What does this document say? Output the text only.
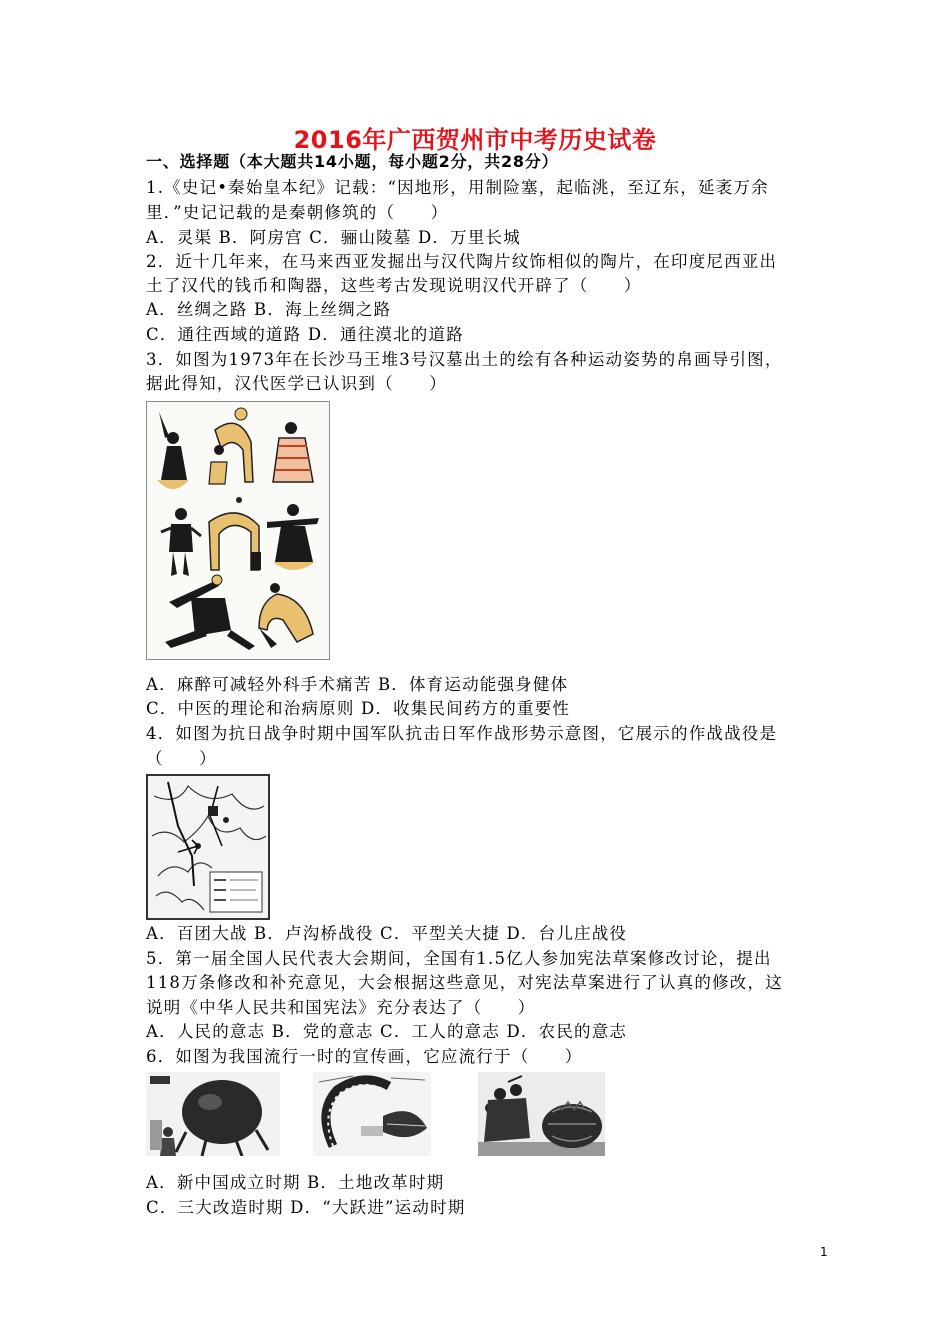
2016年广西贺州市中考历史试卷
一、选择题（本大题共14小题，每小题2分，共28分）
1.《史记•秦始皇本纪》记载：“因地形，用制险塞，起临洮，至辽东，延袤万余
里．”史记记载的是秦朝修筑的（　　）
A．灵渠 B．阿房宫 C．骊山陵墓 D．万里长城
2．近十几年来，在马来西亚发掘出与汉代陶片纹饰相似的陶片，在印度尼西亚出
土了汉代的钱币和陶器，这些考古发现说明汉代开辟了（　　）
A．丝绸之路 B．海上丝绸之路
C．通往西域的道路 D．通往漠北的道路
3．如图为1973年在长沙马王堆3号汉墓出土的绘有各种运动姿势的帛画导引图，
据此得知，汉代医学已认识到（　　）
A．麻醉可减轻外科手术痛苦 B．体育运动能强身健体
C．中医的理论和治病原则 D．收集民间药方的重要性
4．如图为抗日战争时期中国军队抗击日军作战形势示意图，它展示的作战战役是
（　　）
A．百团大战 B．卢沟桥战役 C．平型关大捷 D．台儿庄战役
5．第一届全国人民代表大会期间，全国有1.5亿人参加宪法草案修改讨论，提出
118万条修改和补充意见，大会根据这些意见，对宪法草案进行了认真的修改，这
说明《中华人民共和国宪法》充分表达了（　　）
A．人民的意志 B．党的意志 C．工人的意志 D．农民的意志
6．如图为我国流行一时的宣传画，它应流行于（　　）
A．新中国成立时期 B．土地改革时期
C．三大改造时期 D．“大跃进”运动时期
1
